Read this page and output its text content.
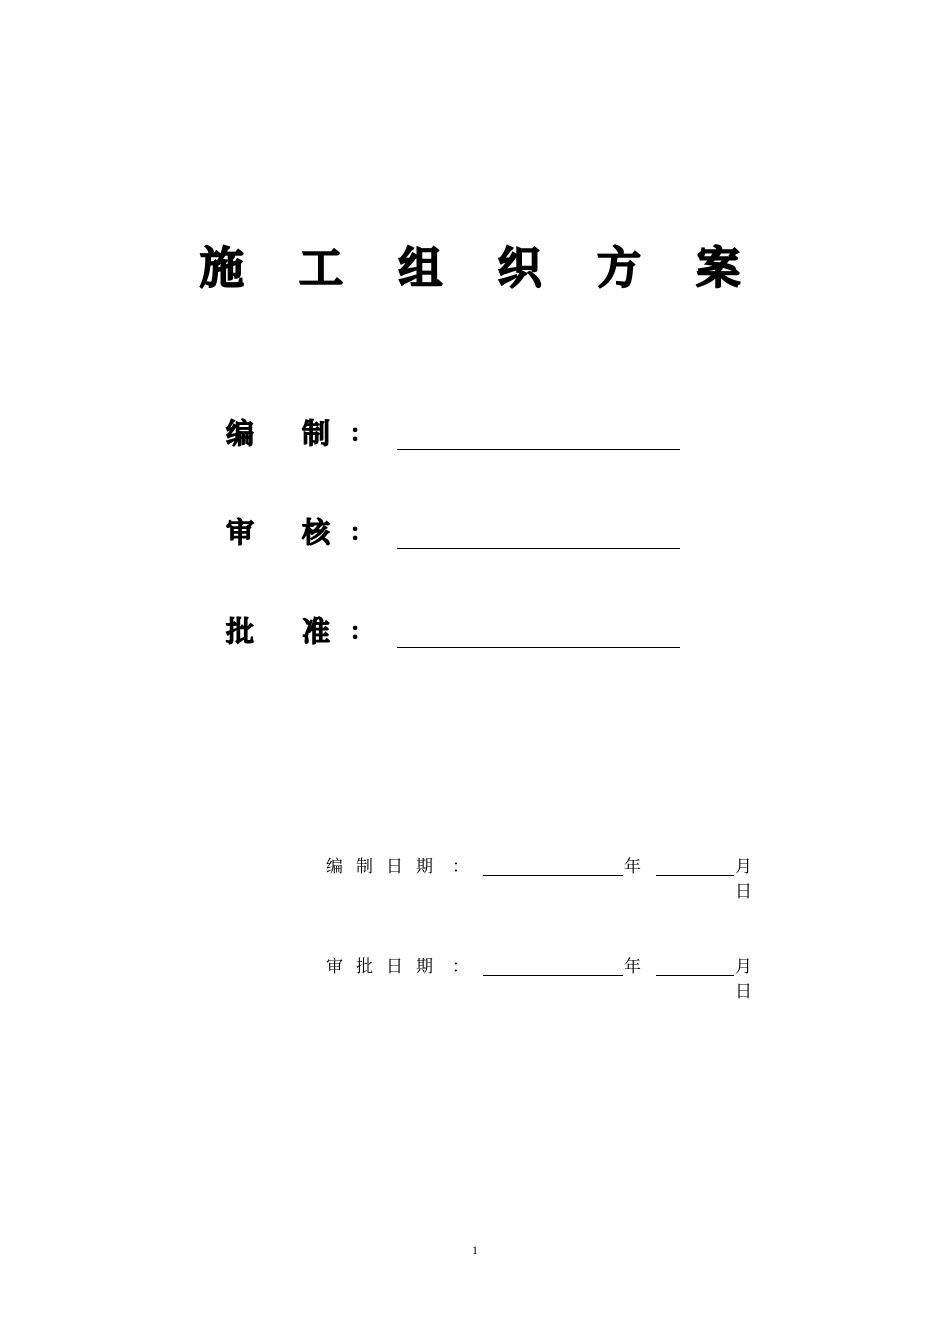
施 工 组 织 方 案
编 制 ：
审 核 ：
批 准 ：
编制日期 ：	年	月
日
审批日期 ：	年	月
日
1
